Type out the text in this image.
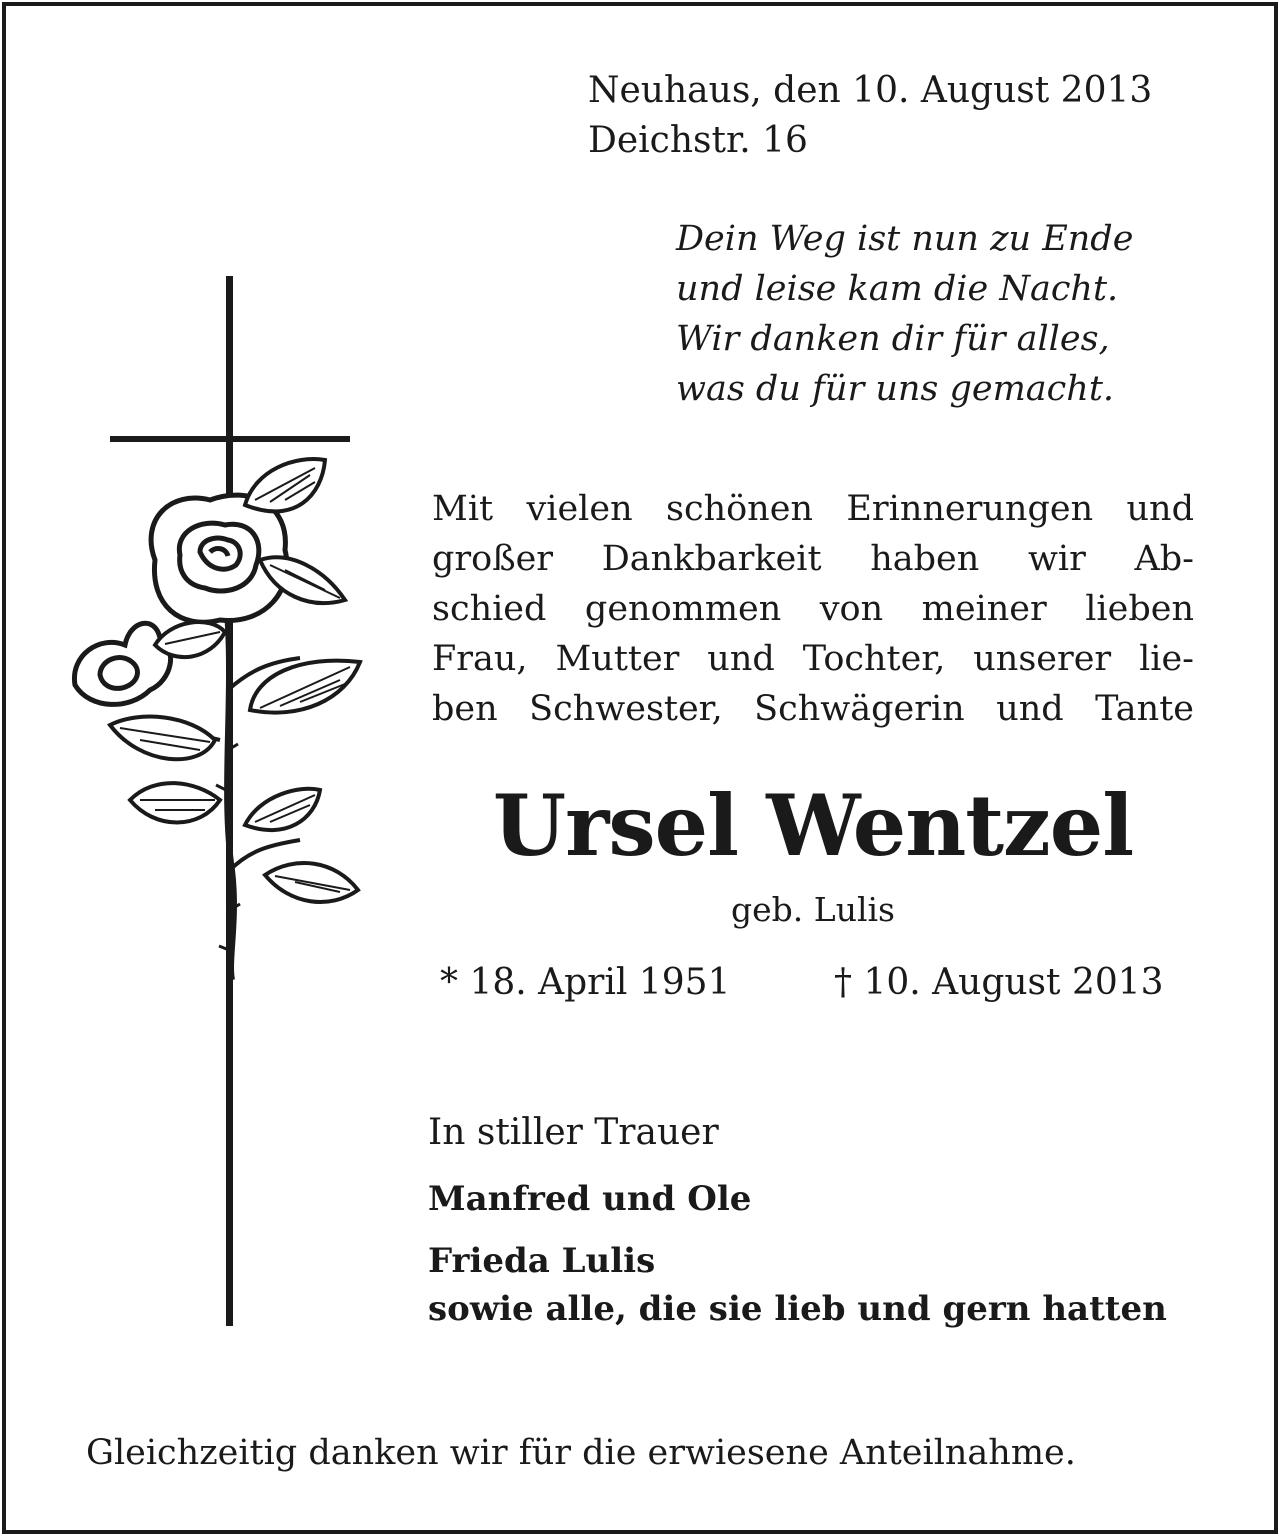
Neuhaus, den 10. August 2013
Deichstr. 16
Dein Weg ist nun zu Ende
und leise kam die Nacht.
Wir danken dir für alles,
was du für uns gemacht.
Mit vielen schönen Erinnerungen und
großer Dankbarkeit haben wir Ab-
schied genommen von meiner lieben
Frau, Mutter und Tochter, unserer lie-
ben Schwester, Schwägerin und Tante
Ursel Wentzel
geb. Lulis
* 18. April 1951	† 10. August 2013
In stiller Trauer
Manfred und Ole
Frieda Lulis
sowie alle, die sie lieb und gern hatten
Gleichzeitig danken wir für die erwiesene Anteilnahme.
